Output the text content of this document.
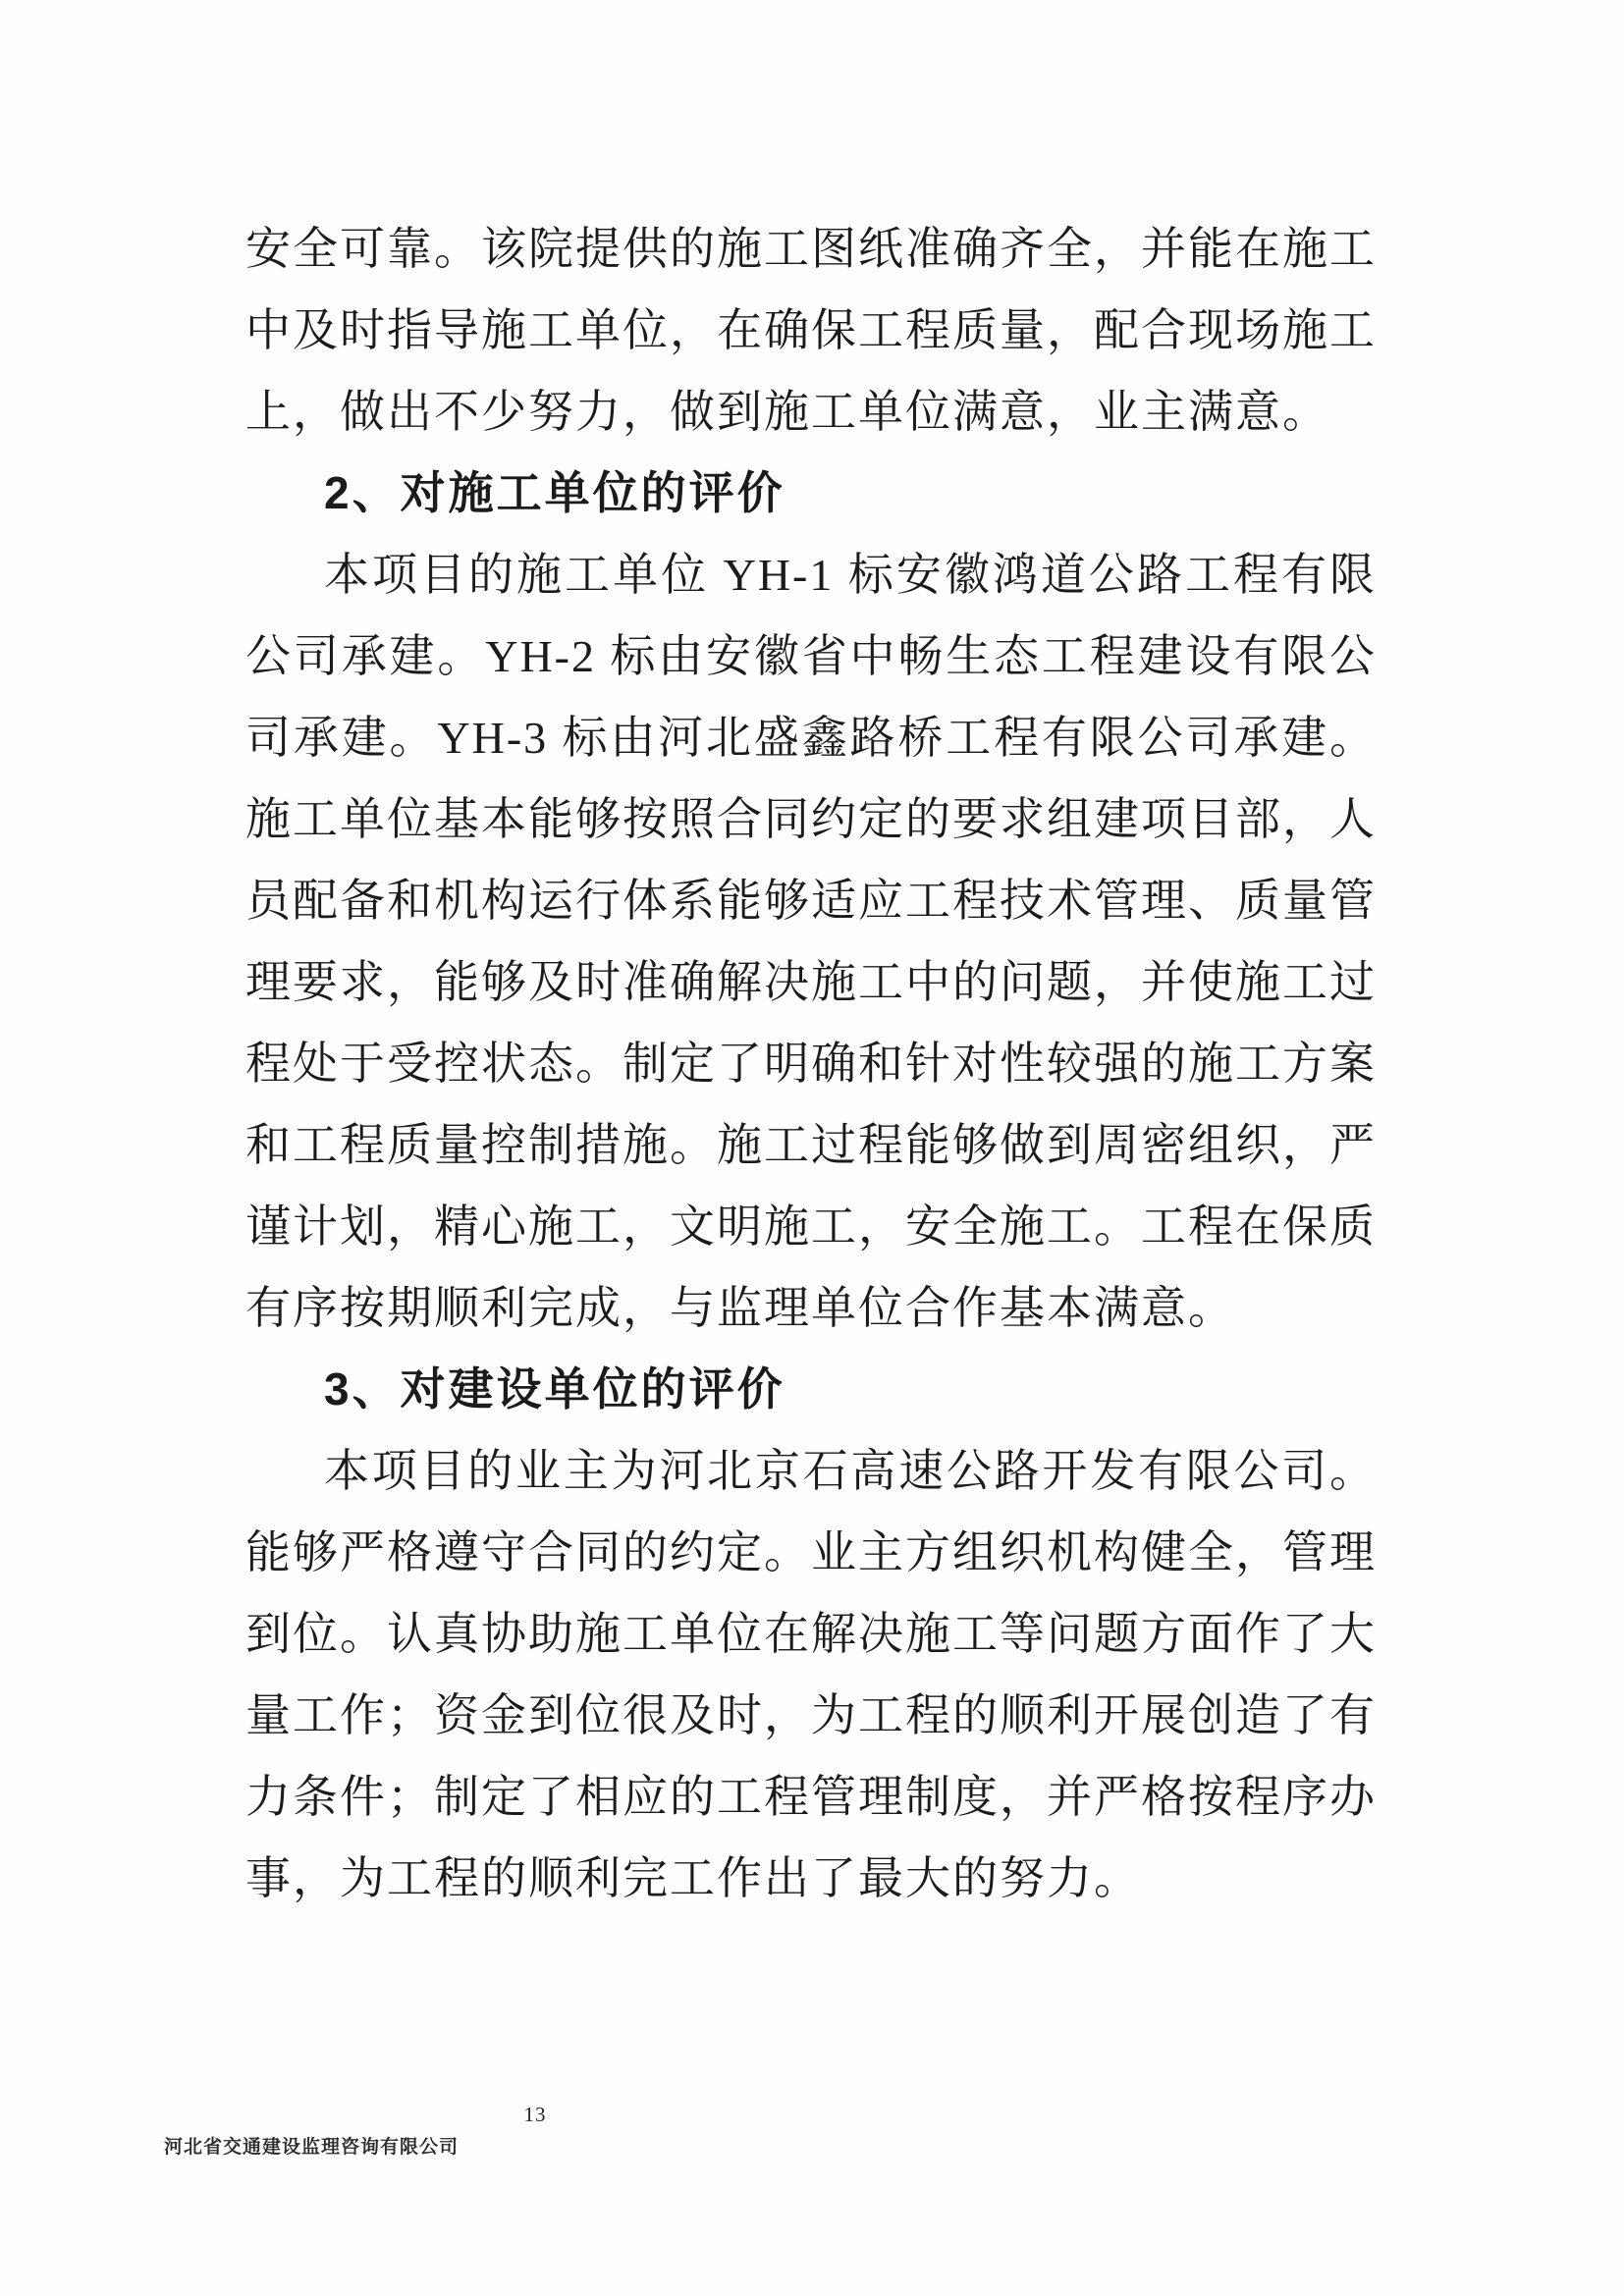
安全可靠。该院提供的施工图纸准确齐全，并能在施工中及时指导施工单位，在确保工程质量，配合现场施工上，做出不少努力，做到施工单位满意，业主满意。

2、对施工单位的评价

本项目的施工单位 YH-1 标安徽鸿道公路工程有限公司承建。YH-2 标由安徽省中畅生态工程建设有限公司承建。YH-3 标由河北盛鑫路桥工程有限公司承建。施工单位基本能够按照合同约定的要求组建项目部，人员配备和机构运行体系能够适应工程技术管理、质量管理要求，能够及时准确解决施工中的问题，并使施工过程处于受控状态。制定了明确和针对性较强的施工方案和工程质量控制措施。施工过程能够做到周密组织，严谨计划，精心施工，文明施工，安全施工。工程在保质有序按期顺利完成，与监理单位合作基本满意。

3、对建设单位的评价

本项目的业主为河北京石高速公路开发有限公司。能够严格遵守合同的约定。业主方组织机构健全，管理到位。认真协助施工单位在解决施工等问题方面作了大量工作；资金到位很及时，为工程的顺利开展创造了有力条件；制定了相应的工程管理制度，并严格按程序办事，为工程的顺利完工作出了最大的努力。

13
河北省交通建设监理咨询有限公司
